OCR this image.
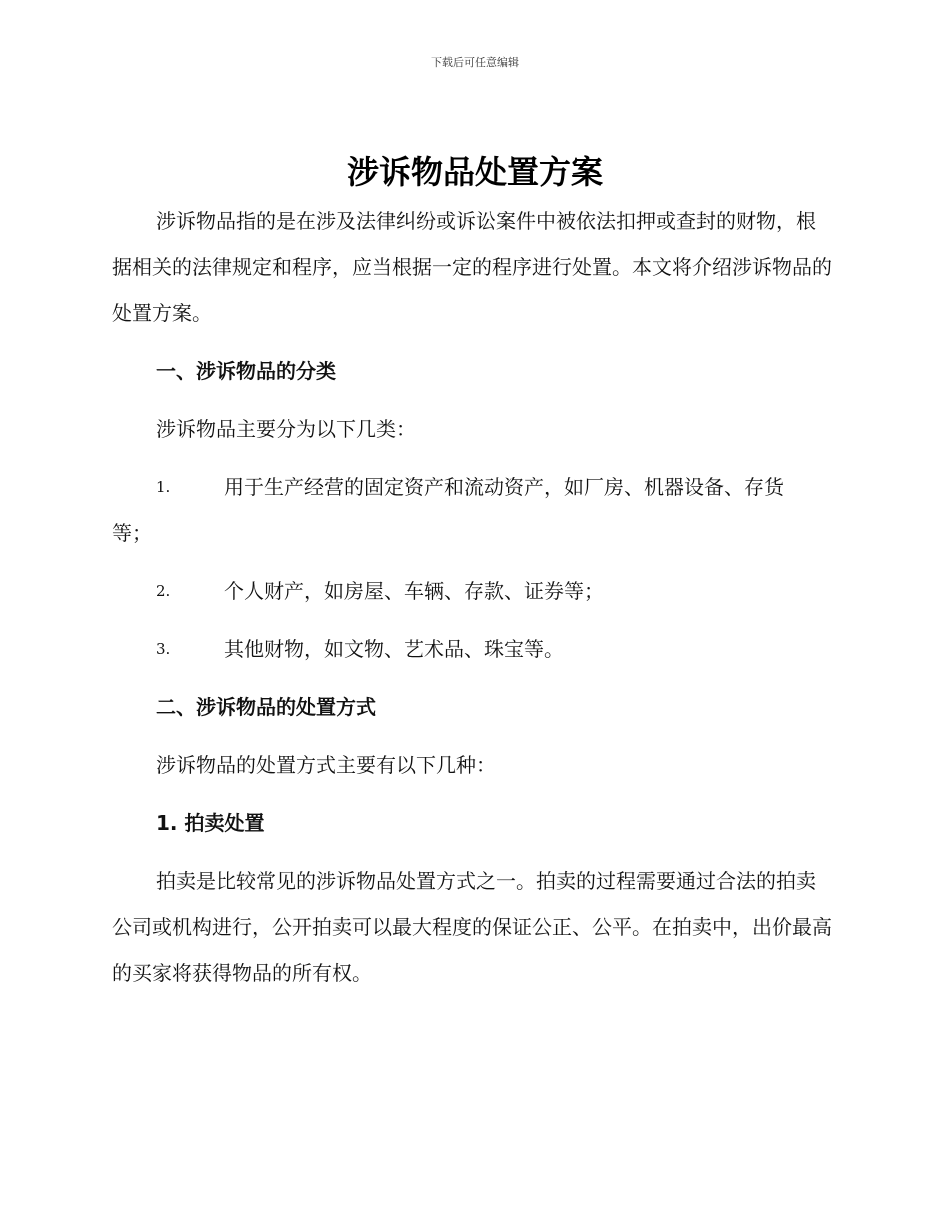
下载后可任意编辑
涉诉物品处置方案

涉诉物品指的是在涉及法律纠纷或诉讼案件中被依法扣押或查封的财物，根据相关的法律规定和程序，应当根据一定的程序进行处置。本文将介绍涉诉物品的处置方案。

一、涉诉物品的分类

涉诉物品主要分为以下几类：

1.	用于生产经营的固定资产和流动资产，如厂房、机器设备、存货
等；
2.	个人财产，如房屋、车辆、存款、证券等；
3.	其他财物，如文物、艺术品、珠宝等。

二、涉诉物品的处置方式

涉诉物品的处置方式主要有以下几种：

1. 拍卖处置

拍卖是比较常见的涉诉物品处置方式之一。拍卖的过程需要通过合法的拍卖公司或机构进行，公开拍卖可以最大程度的保证公正、公平。在拍卖中，出价最高的买家将获得物品的所有权。
